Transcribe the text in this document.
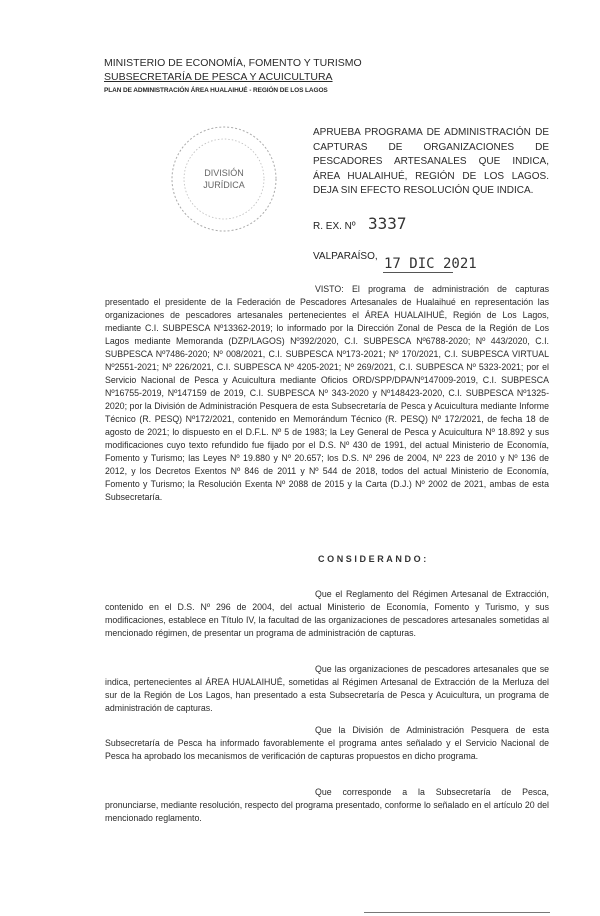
MINISTERIO DE ECONOMÍA, FOMENTO Y TURISMO
SUBSECRETARÍA DE PESCA Y ACUICULTURA
PLAN DE ADMINISTRACIÓN ÁREA HUALAIHUÉ - REGIÓN DE LOS LAGOS
DIVISIÓN
JURÍDICA
APRUEBA PROGRAMA DE ADMINISTRACIÓN DE CAPTURAS DE ORGANIZACIONES DE PESCADORES ARTESANALES QUE INDICA, ÁREA HUALAIHUÉ, REGIÓN DE LOS LAGOS. DEJA SIN EFECTO RESOLUCIÓN QUE INDICA.
R. EX. Nº 3337
VALPARAÍSO, 17 DIC 2021
VISTO: El programa de administración de capturas presentado el presidente de la Federación de Pescadores Artesanales de Hualaihué en representación las organizaciones de pescadores artesanales pertenecientes el ÁREA HUALAIHUÉ, Región de Los Lagos, mediante C.I. SUBPESCA Nº13362-2019; lo informado por la Dirección Zonal de Pesca de la Región de Los Lagos mediante Memoranda (DZP/LAGOS) Nº392/2020, C.I. SUBPESCA Nº6788-2020; Nº 443/2020, C.I. SUBPESCA Nº7486-2020; Nº 008/2021, C.I. SUBPESCA Nº173-2021; Nº 170/2021, C.I. SUBPESCA VIRTUAL Nº2551-2021; Nº 226/2021, C.I. SUBPESCA Nº 4205-2021; Nº 269/2021, C.I. SUBPESCA Nº 5323-2021; por el Servicio Nacional de Pesca y Acuicultura mediante Oficios ORD/SPP/DPA/Nº147009-2019, C.I. SUBPESCA Nº16755-2019, Nº147159 de 2019, C.I. SUBPESCA Nº 343-2020 y Nº148423-2020, C.I. SUBPESCA Nº1325-2020; por la División de Administración Pesquera de esta Subsecretaría de Pesca y Acuicultura mediante Informe Técnico (R. PESQ) Nº172/2021, contenido en Memorándum Técnico (R. PESQ) Nº 172/2021, de fecha 18 de agosto de 2021; lo dispuesto en el D.F.L. Nº 5 de 1983; la Ley General de Pesca y Acuicultura Nº 18.892 y sus modificaciones cuyo texto refundido fue fijado por el D.S. Nº 430 de 1991, del actual Ministerio de Economía, Fomento y Turismo; las Leyes Nº 19.880 y Nº 20.657; los D.S. Nº 296 de 2004, Nº 223 de 2010 y Nº 136 de 2012, y los Decretos Exentos Nº 846 de 2011 y Nº 544 de 2018, todos del actual Ministerio de Economía, Fomento y Turismo; la Resolución Exenta Nº 2088 de 2015 y la Carta (D.J.) Nº 2002 de 2021, ambas de esta Subsecretaría.
CONSIDERANDO:
Que el Reglamento del Régimen Artesanal de Extracción, contenido en el D.S. Nº 296 de 2004, del actual Ministerio de Economía, Fomento y Turismo, y sus modificaciones, establece en Título IV, la facultad de las organizaciones de pescadores artesanales sometidas al mencionado régimen, de presentar un programa de administración de capturas.
Que las organizaciones de pescadores artesanales que se indica, pertenecientes al ÁREA HUALAIHUÉ, sometidas al Régimen Artesanal de Extracción de la Merluza del sur de la Región de Los Lagos, han presentado a esta Subsecretaría de Pesca y Acuicultura, un programa de administración de capturas.
Que la División de Administración Pesquera de esta Subsecretaría de Pesca ha informado favorablemente el programa antes señalado y el Servicio Nacional de Pesca ha aprobado los mecanismos de verificación de capturas propuestos en dicho programa.
Que corresponde a la Subsecretaría de Pesca, pronunciarse, mediante resolución, respecto del programa presentado, conforme lo señalado en el artículo 20 del mencionado reglamento.
